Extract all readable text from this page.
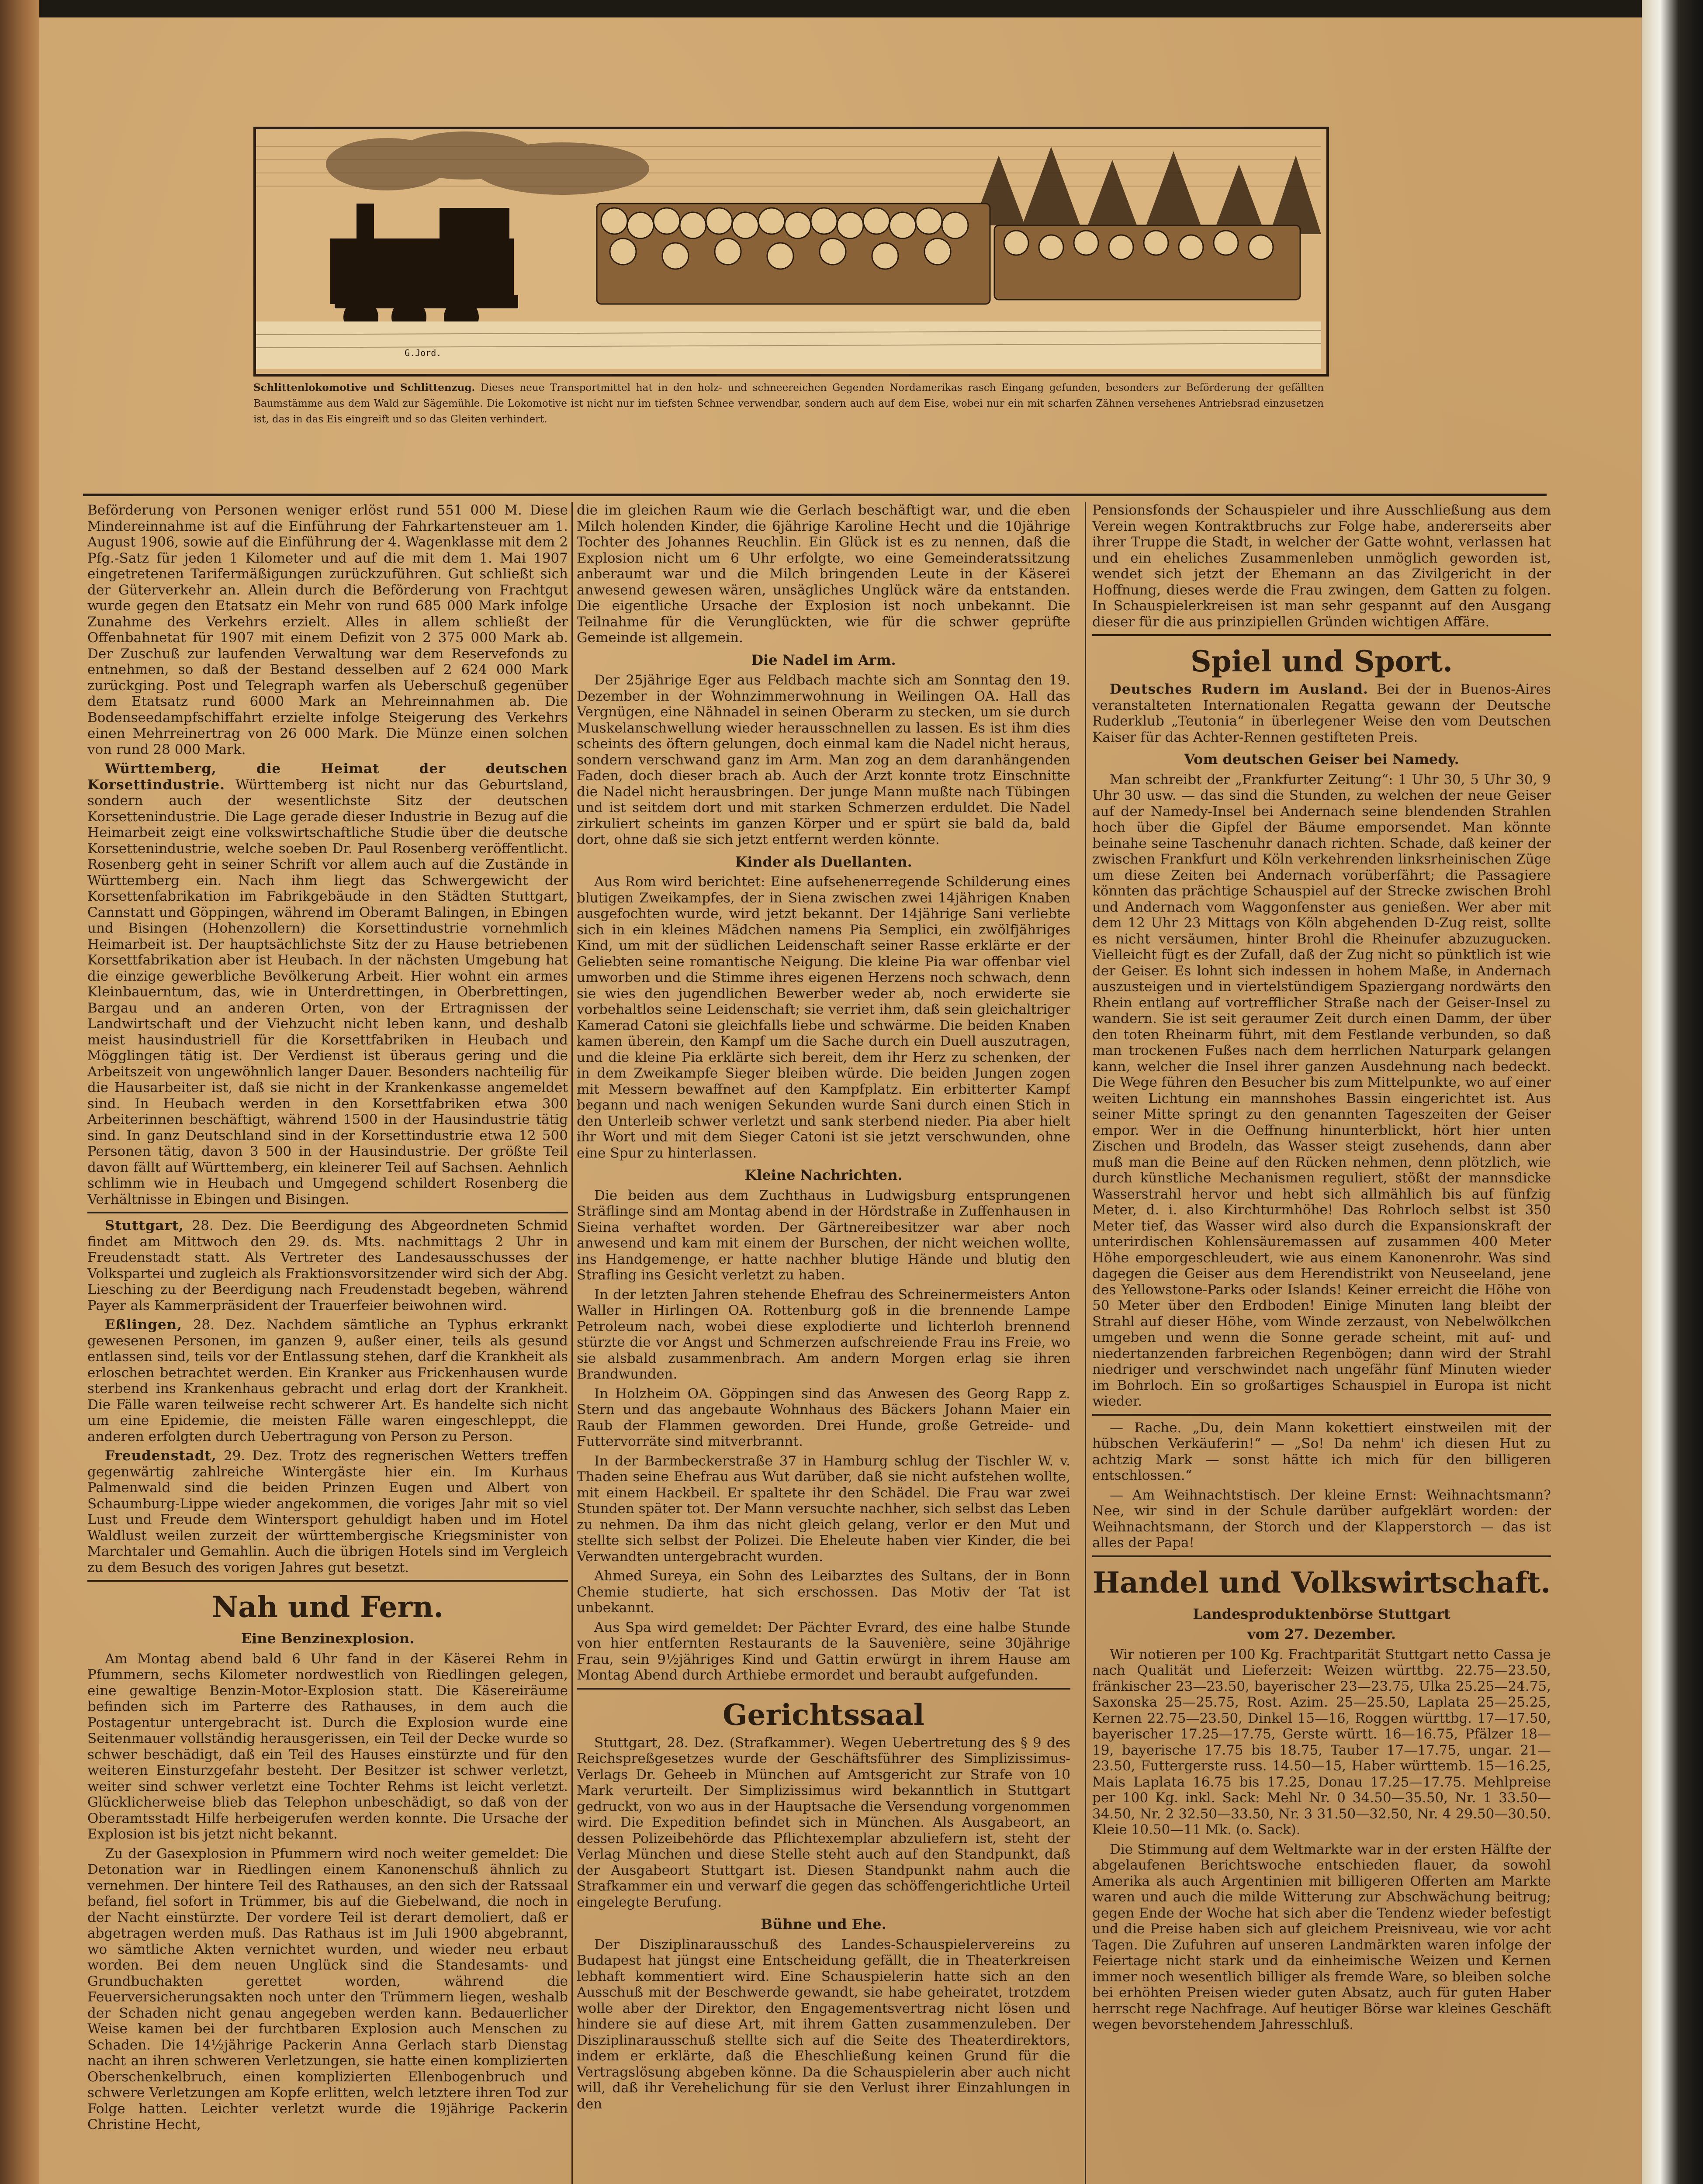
G.Jord.
Schlittenlokomotive und Schlittenzug. Dieses neue Transportmittel hat in den holz- und schneereichen Gegenden Nordamerikas rasch Eingang gefunden, besonders zur Beförderung der gefällten Baumstämme aus dem Wald zur Sägemühle. Die Lokomotive ist nicht nur im tiefsten Schnee verwendbar, sondern auch auf dem Eise, wobei nur ein mit scharfen Zähnen versehenes Antriebsrad einzusetzen ist, das in das Eis eingreift und so das Gleiten verhindert.

Beförderung von Personen weniger erlöst rund 551 000 M. Diese Mindereinnahme ist auf die Einführung der Fahrkartensteuer am 1. August 1906, sowie auf die Einführung der 4. Wagenklasse mit dem 2 Pfg.-Satz für jeden 1 Kilometer und auf die mit dem 1. Mai 1907 eingetretenen Tarifermäßigungen zurückzuführen. Gut schließt sich der Güterverkehr an. Allein durch die Beförderung von Frachtgut wurde gegen den Etatsatz ein Mehr von rund 685 000 Mark infolge Zunahme des Verkehrs erzielt. Alles in allem schließt der Offenbahnetat für 1907 mit einem Defizit von 2 375 000 Mark ab. Der Zuschuß zur laufenden Verwaltung war dem Reservefonds zu entnehmen, so daß der Bestand desselben auf 2 624 000 Mark zurückging. Post und Telegraph warfen als Ueberschuß gegenüber dem Etatsatz rund 6000 Mark an Mehreinnahmen ab. Die Bodenseedampfschiffahrt erzielte infolge Steigerung des Verkehrs einen Mehrreinertrag von 26 000 Mark. Die Münze einen solchen von rund 28 000 Mark.

Württemberg, die Heimat der deutschen Korsettindustrie. Württemberg ist nicht nur das Geburtsland, sondern auch der wesentlichste Sitz der deutschen Korsettenindustrie. Die Lage gerade dieser Industrie in Bezug auf die Heimarbeit zeigt eine volkswirtschaftliche Studie über die deutsche Korsettenindustrie, welche soeben Dr. Paul Rosenberg veröffentlicht. Rosenberg geht in seiner Schrift vor allem auch auf die Zustände in Württemberg ein. Nach ihm liegt das Schwergewicht der Korsettenfabrikation im Fabrikgebäude in den Städten Stuttgart, Cannstatt und Göppingen, während im Oberamt Balingen, in Ebingen und Bisingen (Hohenzollern) die Korsettindustrie vornehmlich Heimarbeit ist. Der hauptsächlichste Sitz der zu Hause betriebenen Korsettfabrikation aber ist Heubach. In der nächsten Umgebung hat die einzige gewerbliche Bevölkerung Arbeit. Hier wohnt ein armes Kleinbauerntum, das, wie in Unterdrettingen, in Oberbrettingen, Bargau und an anderen Orten, von der Ertragnissen der Landwirtschaft und der Viehzucht nicht leben kann, und deshalb meist hausindustriell für die Korsettfabriken in Heubach und Mögglingen tätig ist. Der Verdienst ist überaus gering und die Arbeitszeit von ungewöhnlich langer Dauer. Besonders nachteilig für die Hausarbeiter ist, daß sie nicht in der Krankenkasse angemeldet sind. In Heubach werden in den Korsettfabriken etwa 300 Arbeiterinnen beschäftigt, während 1500 in der Hausindustrie tätig sind. In ganz Deutschland sind in der Korsettindustrie etwa 12 500 Personen tätig, davon 3 500 in der Hausindustrie. Der größte Teil davon fällt auf Württemberg, ein kleinerer Teil auf Sachsen. Aehnlich schlimm wie in Heubach und Umgegend schildert Rosenberg die Verhältnisse in Ebingen und Bisingen.

Stuttgart, 28. Dez. Die Beerdigung des Abgeordneten Schmid findet am Mittwoch den 29. ds. Mts. nachmittags 2 Uhr in Freudenstadt statt. Als Vertreter des Landesausschusses der Volkspartei und zugleich als Fraktionsvorsitzender wird sich der Abg. Liesching zu der Beerdigung nach Freudenstadt begeben, während Payer als Kammerpräsident der Trauerfeier beiwohnen wird.

Eßlingen, 28. Dez. Nachdem sämtliche an Typhus erkrankt gewesenen Personen, im ganzen 9, außer einer, teils als gesund entlassen sind, teils vor der Entlassung stehen, darf die Krankheit als erloschen betrachtet werden. Ein Kranker aus Frickenhausen wurde sterbend ins Krankenhaus gebracht und erlag dort der Krankheit. Die Fälle waren teilweise recht schwerer Art. Es handelte sich nicht um eine Epidemie, die meisten Fälle waren eingeschleppt, die anderen erfolgten durch Uebertragung von Person zu Person.

Freudenstadt, 29. Dez. Trotz des regnerischen Wetters treffen gegenwärtig zahlreiche Wintergäste hier ein. Im Kurhaus Palmenwald sind die beiden Prinzen Eugen und Albert von Schaumburg-Lippe wieder angekommen, die voriges Jahr mit so viel Lust und Freude dem Wintersport gehuldigt haben und im Hotel Waldlust weilen zurzeit der württembergische Kriegsminister von Marchtaler und Gemahlin. Auch die übrigen Hotels sind im Vergleich zu dem Besuch des vorigen Jahres gut besetzt.

Nah und Fern.
Eine Benzinexplosion.

Am Montag abend bald 6 Uhr fand in der Käserei Rehm in Pfummern, sechs Kilometer nordwestlich von Riedlingen gelegen, eine gewaltige Benzin-Motor-Explosion statt. Die Käsereiräume befinden sich im Parterre des Rathauses, in dem auch die Postagentur untergebracht ist. Durch die Explosion wurde eine Seitenmauer vollständig herausgerissen, ein Teil der Decke wurde so schwer beschädigt, daß ein Teil des Hauses einstürzte und für den weiteren Einsturzgefahr besteht. Der Besitzer ist schwer verletzt, weiter sind schwer verletzt eine Tochter Rehms ist leicht verletzt. Glücklicherweise blieb das Telephon unbeschädigt, so daß von der Oberamtsstadt Hilfe herbeigerufen werden konnte. Die Ursache der Explosion ist bis jetzt nicht bekannt.

Zu der Gasexplosion in Pfummern wird noch weiter gemeldet: Die Detonation war in Riedlingen einem Kanonenschuß ähnlich zu vernehmen. Der hintere Teil des Rathauses, an den sich der Ratssaal befand, fiel sofort in Trümmer, bis auf die Giebelwand, die noch in der Nacht einstürzte. Der vordere Teil ist derart demoliert, daß er abgetragen werden muß. Das Rathaus ist im Juli 1900 abgebrannt, wo sämtliche Akten vernichtet wurden, und wieder neu erbaut worden. Bei dem neuen Unglück sind die Standesamts- und Grundbuchakten gerettet worden, während die Feuerversicherungsakten noch unter den Trümmern liegen, weshalb der Schaden nicht genau angegeben werden kann. Bedauerlicher Weise kamen bei der furchtbaren Explosion auch Menschen zu Schaden. Die 14½jährige Packerin Anna Gerlach starb Dienstag nacht an ihren schweren Verletzungen, sie hatte einen komplizierten Oberschenkelbruch, einen komplizierten Ellenbogenbruch und schwere Verletzungen am Kopfe erlitten, welch letztere ihren Tod zur Folge hatten. Leichter verletzt wurde die 19jährige Packerin Christine Hecht,

die im gleichen Raum wie die Gerlach beschäftigt war, und die eben Milch holenden Kinder, die 6jährige Karoline Hecht und die 10jährige Tochter des Johannes Reuchlin. Ein Glück ist es zu nennen, daß die Explosion nicht um 6 Uhr erfolgte, wo eine Gemeinderatssitzung anberaumt war und die Milch bringenden Leute in der Käserei anwesend gewesen wären, unsägliches Unglück wäre da entstanden. Die eigentliche Ursache der Explosion ist noch unbekannt. Die Teilnahme für die Verunglückten, wie für die schwer geprüfte Gemeinde ist allgemein.

Die Nadel im Arm.

Der 25jährige Eger aus Feldbach machte sich am Sonntag den 19. Dezember in der Wohnzimmerwohnung in Weilingen OA. Hall das Vergnügen, eine Nähnadel in seinen Oberarm zu stecken, um sie durch Muskelanschwellung wieder herausschnellen zu lassen. Es ist ihm dies scheints des öftern gelungen, doch einmal kam die Nadel nicht heraus, sondern verschwand ganz im Arm. Man zog an dem daranhängenden Faden, doch dieser brach ab. Auch der Arzt konnte trotz Einschnitte die Nadel nicht herausbringen. Der junge Mann mußte nach Tübingen und ist seitdem dort und mit starken Schmerzen erduldet. Die Nadel zirkuliert scheints im ganzen Körper und er spürt sie bald da, bald dort, ohne daß sie sich jetzt entfernt werden könnte.

Kinder als Duellanten.

Aus Rom wird berichtet: Eine aufsehenerregende Schilderung eines blutigen Zweikampfes, der in Siena zwischen zwei 14jährigen Knaben ausgefochten wurde, wird jetzt bekannt. Der 14jährige Sani verliebte sich in ein kleines Mädchen namens Pia Semplici, ein zwölfjähriges Kind, um mit der südlichen Leidenschaft seiner Rasse erklärte er der Geliebten seine romantische Neigung. Die kleine Pia war offenbar viel umworben und die Stimme ihres eigenen Herzens noch schwach, denn sie wies den jugendlichen Bewerber weder ab, noch erwiderte sie vorbehaltlos seine Leidenschaft; sie verriet ihm, daß sein gleichaltriger Kamerad Catoni sie gleichfalls liebe und schwärme. Die beiden Knaben kamen überein, den Kampf um die Sache durch ein Duell auszutragen, und die kleine Pia erklärte sich bereit, dem ihr Herz zu schenken, der in dem Zweikampfe Sieger bleiben würde. Die beiden Jungen zogen mit Messern bewaffnet auf den Kampfplatz. Ein erbitterter Kampf begann und nach wenigen Sekunden wurde Sani durch einen Stich in den Unterleib schwer verletzt und sank sterbend nieder. Pia aber hielt ihr Wort und mit dem Sieger Catoni ist sie jetzt verschwunden, ohne eine Spur zu hinterlassen.

Kleine Nachrichten.

Die beiden aus dem Zuchthaus in Ludwigsburg entsprungenen Sträflinge sind am Montag abend in der Hördstraße in Zuffenhausen in Sieina verhaftet worden. Der Gärtnereibesitzer war aber noch anwesend und kam mit einem der Burschen, der nicht weichen wollte, ins Handgemenge, er hatte nachher blutige Hände und blutig den Strafling ins Gesicht verletzt zu haben.

In der letzten Jahren stehende Ehefrau des Schreinermeisters Anton Waller in Hirlingen OA. Rottenburg goß in die brennende Lampe Petroleum nach, wobei diese explodierte und lichterloh brennend stürzte die vor Angst und Schmerzen aufschreiende Frau ins Freie, wo sie alsbald zusammenbrach. Am andern Morgen erlag sie ihren Brandwunden.

In Holzheim OA. Göppingen sind das Anwesen des Georg Rapp z. Stern und das angebaute Wohnhaus des Bäckers Johann Maier ein Raub der Flammen geworden. Drei Hunde, große Getreide- und Futtervorräte sind mitverbrannt.

In der Barmbeckerstraße 37 in Hamburg schlug der Tischler W. v. Thaden seine Ehefrau aus Wut darüber, daß sie nicht aufstehen wollte, mit einem Hackbeil. Er spaltete ihr den Schädel. Die Frau war zwei Stunden später tot. Der Mann versuchte nachher, sich selbst das Leben zu nehmen. Da ihm das nicht gleich gelang, verlor er den Mut und stellte sich selbst der Polizei. Die Eheleute haben vier Kinder, die bei Verwandten untergebracht wurden.

Ahmed Sureya, ein Sohn des Leibarztes des Sultans, der in Bonn Chemie studierte, hat sich erschossen. Das Motiv der Tat ist unbekannt.

Aus Spa wird gemeldet: Der Pächter Evrard, des eine halbe Stunde von hier entfernten Restaurants de la Sauvenière, seine 30jährige Frau, sein 9½jähriges Kind und Gattin erwürgt in ihrem Hause am Montag Abend durch Arthiebe ermordet und beraubt aufgefunden.

Gerichtssaal

Stuttgart, 28. Dez. (Strafkammer). Wegen Uebertretung des § 9 des Reichspreßgesetzes wurde der Geschäftsführer des Simplizissimus-Verlags Dr. Geheeb in München auf Amtsgericht zur Strafe von 10 Mark verurteilt. Der Simplizissimus wird bekanntlich in Stuttgart gedruckt, von wo aus in der Hauptsache die Versendung vorgenommen wird. Die Expedition befindet sich in München. Als Ausgabeort, an dessen Polizeibehörde das Pflichtexemplar abzuliefern ist, steht der Verlag München und diese Stelle steht auch auf den Standpunkt, daß der Ausgabeort Stuttgart ist. Diesen Standpunkt nahm auch die Strafkammer ein und verwarf die gegen das schöffengerichtliche Urteil eingelegte Berufung.

Bühne und Ehe.

Der Disziplinarausschuß des Landes-Schauspielervereins zu Budapest hat jüngst eine Entscheidung gefällt, die in Theaterkreisen lebhaft kommentiert wird. Eine Schauspielerin hatte sich an den Ausschuß mit der Beschwerde gewandt, sie habe geheiratet, trotzdem wolle aber der Direktor, den Engagementsvertrag nicht lösen und hindere sie auf diese Art, mit ihrem Gatten zusammenzuleben. Der Disziplinarausschuß stellte sich auf die Seite des Theaterdirektors, indem er erklärte, daß die Eheschließung keinen Grund für die Vertragslösung abgeben könne. Da die Schauspielerin aber auch nicht will, daß ihr Verehelichung für sie den Verlust ihrer Einzahlungen in den

Pensionsfonds der Schauspieler und ihre Ausschließung aus dem Verein wegen Kontraktbruchs zur Folge habe, andererseits aber ihrer Truppe die Stadt, in welcher der Gatte wohnt, verlassen hat und ein eheliches Zusammenleben unmöglich geworden ist, wendet sich jetzt der Ehemann an das Zivilgericht in der Hoffnung, dieses werde die Frau zwingen, dem Gatten zu folgen. In Schauspielerkreisen ist man sehr gespannt auf den Ausgang dieser für die aus prinzipiellen Gründen wichtigen Affäre.

Spiel und Sport.

Deutsches Rudern im Ausland. Bei der in Buenos-Aires veranstalteten Internationalen Regatta gewann der Deutsche Ruderklub „Teutonia“ in überlegener Weise den vom Deutschen Kaiser für das Achter-Rennen gestifteten Preis.

Vom deutschen Geiser bei Namedy.

Man schreibt der „Frankfurter Zeitung“: 1 Uhr 30, 5 Uhr 30, 9 Uhr 30 usw. — das sind die Stunden, zu welchen der neue Geiser auf der Namedy-Insel bei Andernach seine blendenden Strahlen hoch über die Gipfel der Bäume emporsendet. Man könnte beinahe seine Taschenuhr danach richten. Schade, daß keiner der zwischen Frankfurt und Köln verkehrenden linksrheinischen Züge um diese Zeiten bei Andernach vorüberfährt; die Passagiere könnten das prächtige Schauspiel auf der Strecke zwischen Brohl und Andernach vom Waggonfenster aus genießen. Wer aber mit dem 12 Uhr 23 Mittags von Köln abgehenden D-Zug reist, sollte es nicht versäumen, hinter Brohl die Rheinufer abzuzugucken. Vielleicht fügt es der Zufall, daß der Zug nicht so pünktlich ist wie der Geiser. Es lohnt sich indessen in hohem Maße, in Andernach auszusteigen und in viertelstündigem Spaziergang nordwärts den Rhein entlang auf vortrefflicher Straße nach der Geiser-Insel zu wandern. Sie ist seit geraumer Zeit durch einen Damm, der über den toten Rheinarm führt, mit dem Festlande verbunden, so daß man trockenen Fußes nach dem herrlichen Naturpark gelangen kann, welcher die Insel ihrer ganzen Ausdehnung nach bedeckt. Die Wege führen den Besucher bis zum Mittelpunkte, wo auf einer weiten Lichtung ein mannshohes Bassin eingerichtet ist. Aus seiner Mitte springt zu den genannten Tageszeiten der Geiser empor. Wer in die Oeffnung hinunterblickt, hört hier unten Zischen und Brodeln, das Wasser steigt zusehends, dann aber muß man die Beine auf den Rücken nehmen, denn plötzlich, wie durch künstliche Mechanismen reguliert, stößt der mannsdicke Wasserstrahl hervor und hebt sich allmählich bis auf fünfzig Meter, d. i. also Kirchturmhöhe! Das Rohrloch selbst ist 350 Meter tief, das Wasser wird also durch die Expansionskraft der unterirdischen Kohlensäuremassen auf zusammen 400 Meter Höhe emporgeschleudert, wie aus einem Kanonenrohr. Was sind dagegen die Geiser aus dem Herendistrikt von Neuseeland, jene des Yellowstone-Parks oder Islands! Keiner erreicht die Höhe von 50 Meter über den Erdboden! Einige Minuten lang bleibt der Strahl auf dieser Höhe, vom Winde zerzaust, von Nebelwölkchen umgeben und wenn die Sonne gerade scheint, mit auf- und niedertanzenden farbreichen Regenbögen; dann wird der Strahl niedriger und verschwindet nach ungefähr fünf Minuten wieder im Bohrloch. Ein so großartiges Schauspiel in Europa ist nicht wieder.

— Rache. „Du, dein Mann kokettiert einstweilen mit der hübschen Verkäuferin!“ — „So! Da nehm' ich diesen Hut zu achtzig Mark — sonst hätte ich mich für den billigeren entschlossen.“

— Am Weihnachtstisch. Der kleine Ernst: Weihnachtsmann? Nee, wir sind in der Schule darüber aufgeklärt worden: der Weihnachtsmann, der Storch und der Klapperstorch — das ist alles der Papa!

Handel und Volkswirtschaft.
Landesproduktenbörse Stuttgart
vom 27. Dezember.

Wir notieren per 100 Kg. Frachtparität Stuttgart netto Cassa je nach Qualität und Lieferzeit: Weizen württbg. 22.75—23.50, fränkischer 23—23.50, bayerischer 23—23.75, Ulka 25.25—24.75, Saxonska 25—25.75, Rost. Azim. 25—25.50, Laplata 25—25.25, Kernen 22.75—23.50, Dinkel 15—16, Roggen württbg. 17—17.50, bayerischer 17.25—17.75, Gerste württ. 16—16.75, Pfälzer 18—19, bayerische 17.75 bis 18.75, Tauber 17—17.75, ungar. 21—23.50, Futtergerste russ. 14.50—15, Haber württemb. 15—16.25, Mais Laplata 16.75 bis 17.25, Donau 17.25—17.75. Mehlpreise per 100 Kg. inkl. Sack: Mehl Nr. 0 34.50—35.50, Nr. 1 33.50—34.50, Nr. 2 32.50—33.50, Nr. 3 31.50—32.50, Nr. 4 29.50—30.50. Kleie 10.50—11 Mk. (o. Sack).

Die Stimmung auf dem Weltmarkte war in der ersten Hälfte der abgelaufenen Berichtswoche entschieden flauer, da sowohl Amerika als auch Argentinien mit billigeren Offerten am Markte waren und auch die milde Witterung zur Abschwächung beitrug; gegen Ende der Woche hat sich aber die Tendenz wieder befestigt und die Preise haben sich auf gleichem Preisniveau, wie vor acht Tagen. Die Zufuhren auf unseren Landmärkten waren infolge der Feiertage nicht stark und da einheimische Weizen und Kernen immer noch wesentlich billiger als fremde Ware, so bleiben solche bei erhöhten Preisen wieder guten Absatz, auch für guten Haber herrscht rege Nachfrage. Auf heutiger Börse war kleines Geschäft wegen bevorstehendem Jahresschluß.
